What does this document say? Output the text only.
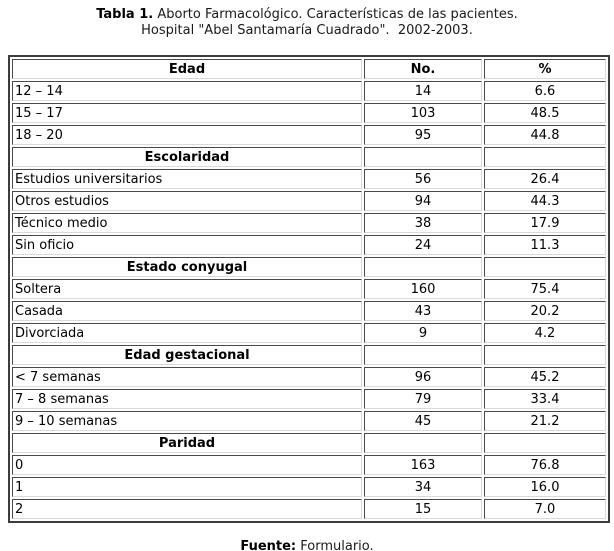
Tabla 1. Aborto Farmacológico. Características de las pacientes.
Hospital "Abel Santamaría Cuadrado".  2002-2003.
Edad	No.	%
12 – 14	14	6.6
15 – 17	103	48.5
18 – 20	95	44.8
Escolaridad		
Estudios universitarios	56	26.4
Otros estudios	94	44.3
Técnico medio	38	17.9
Sin oficio	24	11.3
Estado conyugal		
Soltera	160	75.4
Casada	43	20.2
Divorciada	9	4.2
Edad gestacional		
< 7 semanas	96	45.2
7 – 8 semanas	79	33.4
9 – 10 semanas	45	21.2
Paridad		
0	163	76.8
1	34	16.0
2	15	7.0
Fuente: Formulario.
